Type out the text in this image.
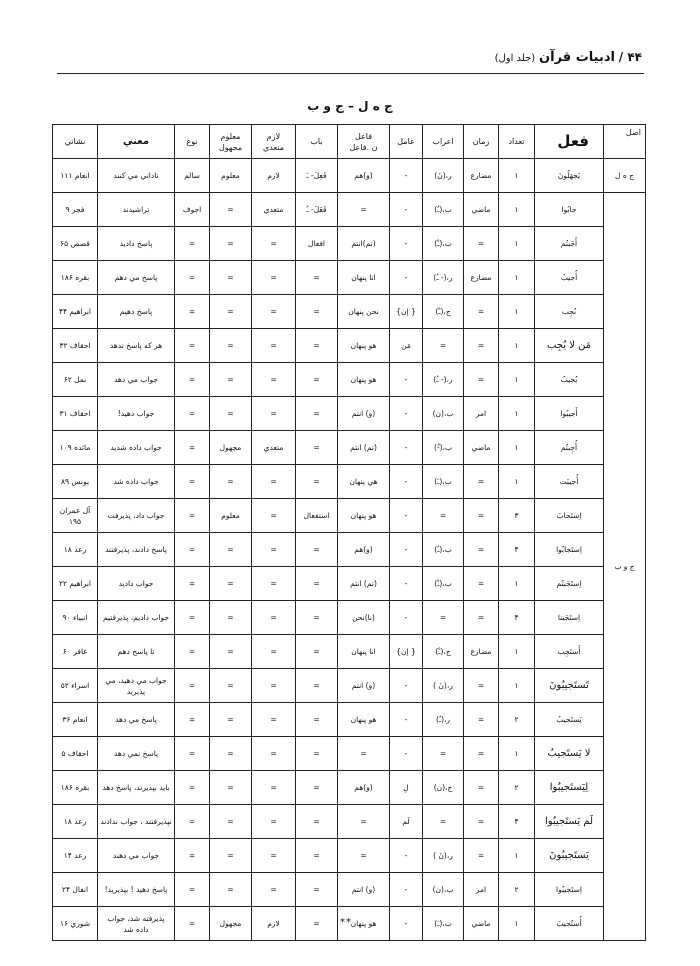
۴۴ / ادبیات قرآن (جلد اول)
ج ه ل – ج و ب
اصل	فعل	تعداد	زمان	اعراب	عامل	فاعل
ن .فاعل	باب	لازم
متعدي	معلوم
مجهول	نوع	معني	نشاني
ج ه ل	يَجهَلُونَ	١	مضارع	ر،(نَ)	-	(و)هم	فَعِلَ- ـَ	لازم	معلوم	سالم	ناداني مي كنند	انعام ١١١
ج و ب	جابُوا	١	ماضي	ب،(ـُ)	-	=	فَعَلَ- ـُ	متعدي	=	اجوف	تراشيدند	فجر ٩
	أَجَبتُم	١	=	ب،(ـْ)	-	(تم)انتم	افعال	=	=	=	پاسخ داديد	قصص ۶۵
	أُجيبُ	١	مضارع	ر،(- ـُ)	-	انا پنهان	=	=	=	=	پاسخ مي دهم	بقره ١٨۶
	نُجِب	١	=	ج،(ـْ)	{ إن}	نحن پنهان	=	=	=	=	پاسخ دهيم	ابراهيم ۴۴
	مَن لا يُجِب	١	=	=	مَن	هو پنهان	=	=	=	=	هر كه پاسخ ندهد	احقاف ٣٢
	يُجيبُ	١	=	ر،(- ـُ)	-	هو پنهان	=	=	=	=	جواب مي دهد	نمل ۶٢
	أَجيبُوا	١	امر	ب،(ن)	-	(و) انتم	=	=	=	=	جواب دهيد!	احقاف ٣١
	أُجِبتُم	١	ماضي	ب،(-ْ)	-	(تم) انتم	=	متعدي	مجهول	=	جواب داده شديد	مائده ١٠٩
	أُجيبَت	١	=	ب،(ـَ)	-	هي پنهان	=	=	=	=	جواب داده شد	يونس ٨٩
	اِستَجابَ	٣	=	=	-	هو پنهان	استفعال	=	معلوم	=	جواب داد، پذيرفت	آل عمران ١٩۵
	اِستَجابُوا	۴	=	ب،(ـُ)	-	(و)هم	=	=	=	=	پاسخ دادند، پذيرفتند	رعد ١٨
	اِستَجَبتُم	١	=	ب،(ـْ)	-	(تم) انتم	=	=	=	=	جواب داديد	ابراهيم ٢٢
	اِستَجَبنا	۴	=	=	-	(نا)نحن	=	=	=	=	جواب داديم، پذيرفتيم	انبياء ٩٠
	أَستَجِب	١	مضارع	ج،(ـْ)	{ إن}	انا پنهان	=	=	=	=	تا پاسخ دهم	غافر ۶٠
	تَستَجيبُونَ	١	=	ر،(نَ )	-	(و) انتم	=	=	=	=	جواب مي دهيد، مي پذيريد	اسراء ۵٢
	يَستَجيبُ	٢	=	ر،(ـُ)	-	هو پنهان	=	=	=	=	پاسخ مي دهد	انعام ٣۶
	لا يَستَجيبُ	١	=	=	-	=	=	=	=	=	پاسخ نمي دهد	احقاف ۵
	لِيَستَجيبُوا	٢	=	ج،(ن)	لِ	(و)هم	=	=	=	=	بايد بپذيرند، پاسخ دهد	بقره ١٨۶
	لَم يَستَجيبُوا	۴	=	=	لَم	=	=	=	=	=	نپذيرفتند ، جواب ندادند	رعد ١٨
	يَستَجيبُونَ	١	=	ر،(نَ )	-	=	=	=	=	=	جواب مي دهند	رعد ١۴
	اِستَجيبُوا	٢	امر	ب،(ن)	-	(و) انتم	=	=	=	=	پاسخ دهيد ! بپذيريد!	انفال ٢۴
	أُستُجيبَ	١	ماضي	ب،(ـَ)	-	هو پنهان	=	لازم	مجهول	=	پذيرفته شد، جواب داده شد	شوري ١۶	**
